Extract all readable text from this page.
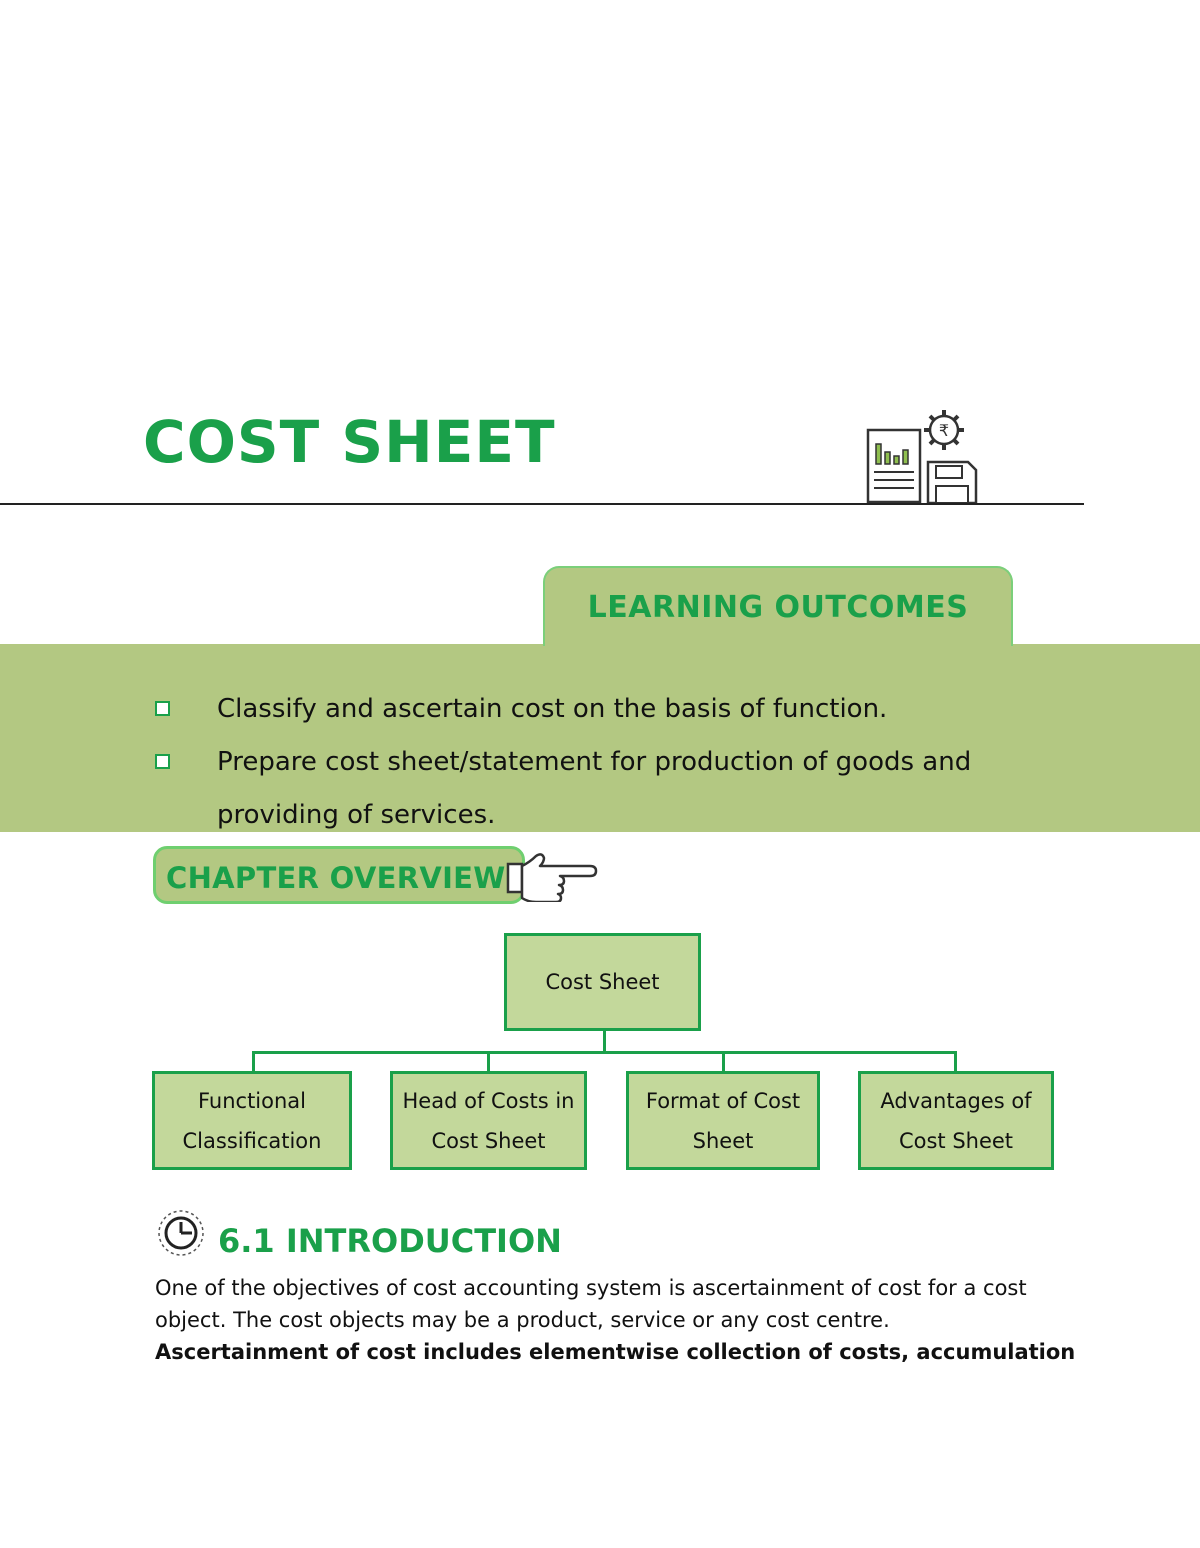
COST SHEET	₹
LEARNING OUTCOMES
Classify and ascertain cost on the basis of function.
Prepare cost sheet/statement for production of goods and
providing of services.
CHAPTER OVERVIEW
Cost Sheet
Functional
Classification
Head of Costs in
Cost Sheet
Format of Cost
Sheet
Advantages of
Cost Sheet
6.1 INTRODUCTION
One of the objectives of cost accounting system is ascertainment of cost for a cost
object. The cost objects may be a product, service or any cost centre.
Ascertainment of cost includes elementwise collection of costs, accumulation
